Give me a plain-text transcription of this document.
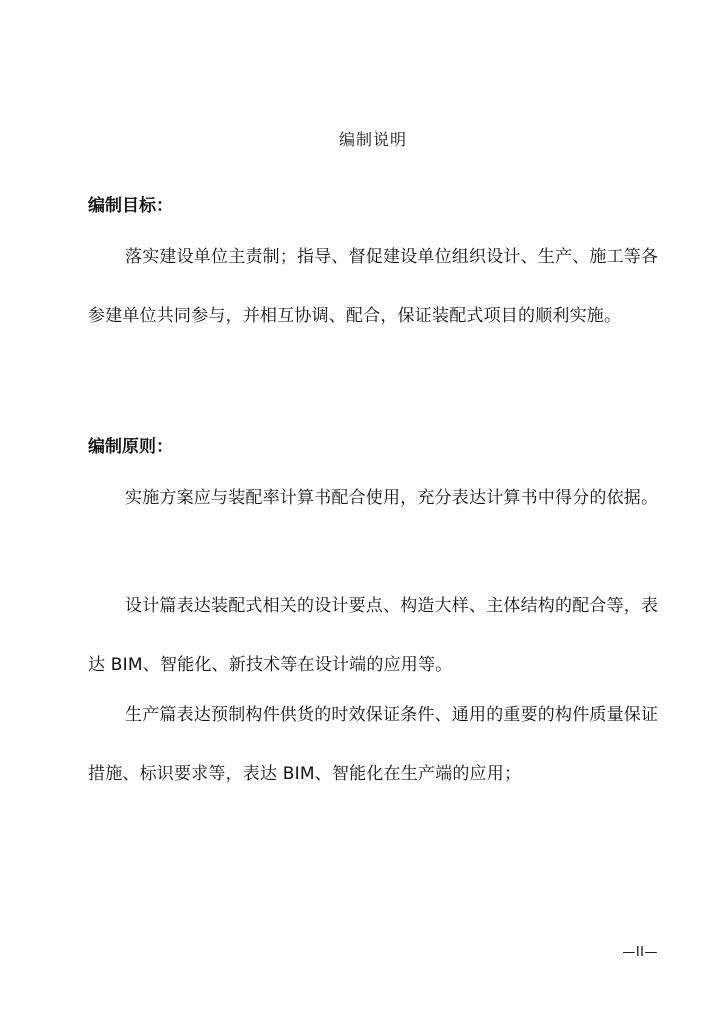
编制说明
编制目标：

落实建设单位主责制；指导、督促建设单位组织设计、生产、施工等各参建单位共同参与，并相互协调、配合，保证装配式项目的顺利实施。

编制原则：

实施方案应与装配率计算书配合使用，充分表达计算书中得分的依据。

设计篇表达装配式相关的设计要点、构造大样、主体结构的配合等，表达 BIM、智能化、新技术等在设计端的应用等。

生产篇表达预制构件供货的时效保证条件、通用的重要的构件质量保证措施、标识要求等，表达 BIM、智能化在生产端的应用；

—II—
